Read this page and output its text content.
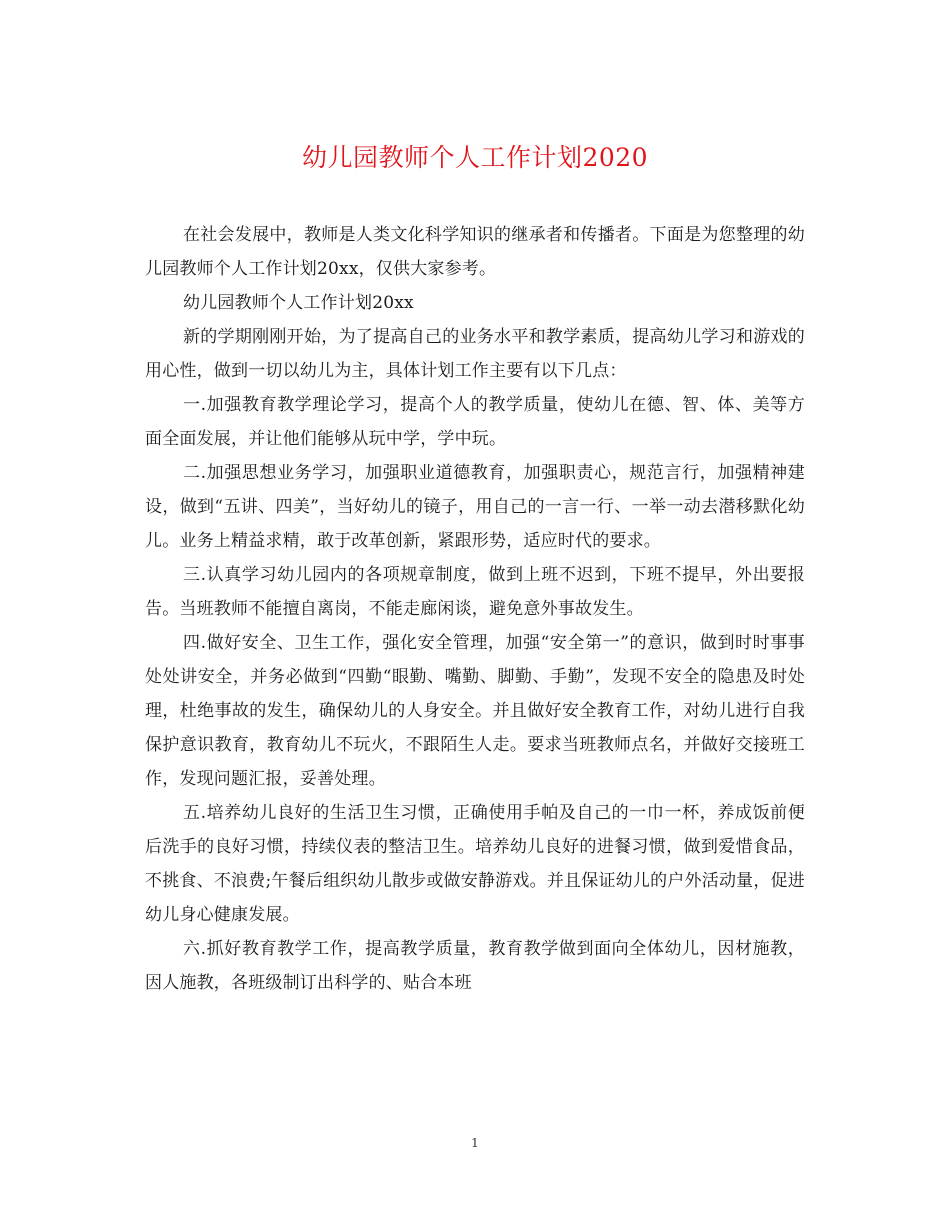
幼儿园教师个人工作计划2020

在社会发展中，教师是人类文化科学知识的继承者和传播者。下面是为您整理的幼儿园教师个人工作计划20xx，仅供大家参考。

幼儿园教师个人工作计划20xx

新的学期刚刚开始，为了提高自己的业务水平和教学素质，提高幼儿学习和游戏的用心性，做到一切以幼儿为主，具体计划工作主要有以下几点：

一.加强教育教学理论学习，提高个人的教学质量，使幼儿在德、智、体、美等方面全面发展，并让他们能够从玩中学，学中玩。

二.加强思想业务学习，加强职业道德教育，加强职责心，规范言行，加强精神建设，做到“五讲、四美”，当好幼儿的镜子，用自己的一言一行、一举一动去潜移默化幼儿。业务上精益求精，敢于改革创新，紧跟形势，适应时代的要求。

三.认真学习幼儿园内的各项规章制度，做到上班不迟到，下班不提早，外出要报告。当班教师不能擅自离岗，不能走廊闲谈，避免意外事故发生。

四.做好安全、卫生工作，强化安全管理，加强“安全第一”的意识，做到时时事事处处讲安全，并务必做到“四勤“眼勤、嘴勤、脚勤、手勤”，发现不安全的隐患及时处理，杜绝事故的发生，确保幼儿的人身安全。并且做好安全教育工作，对幼儿进行自我保护意识教育，教育幼儿不玩火，不跟陌生人走。要求当班教师点名，并做好交接班工作，发现问题汇报，妥善处理。

五.培养幼儿良好的生活卫生习惯，正确使用手帕及自己的一巾一杯，养成饭前便后洗手的良好习惯，持续仪表的整洁卫生。培养幼儿良好的进餐习惯，做到爱惜食品，不挑食、不浪费;午餐后组织幼儿散步或做安静游戏。并且保证幼儿的户外活动量，促进幼儿身心健康发展。

六.抓好教育教学工作，提高教学质量，教育教学做到面向全体幼儿，因材施教，因人施教，各班级制订出科学的、贴合本班

1
